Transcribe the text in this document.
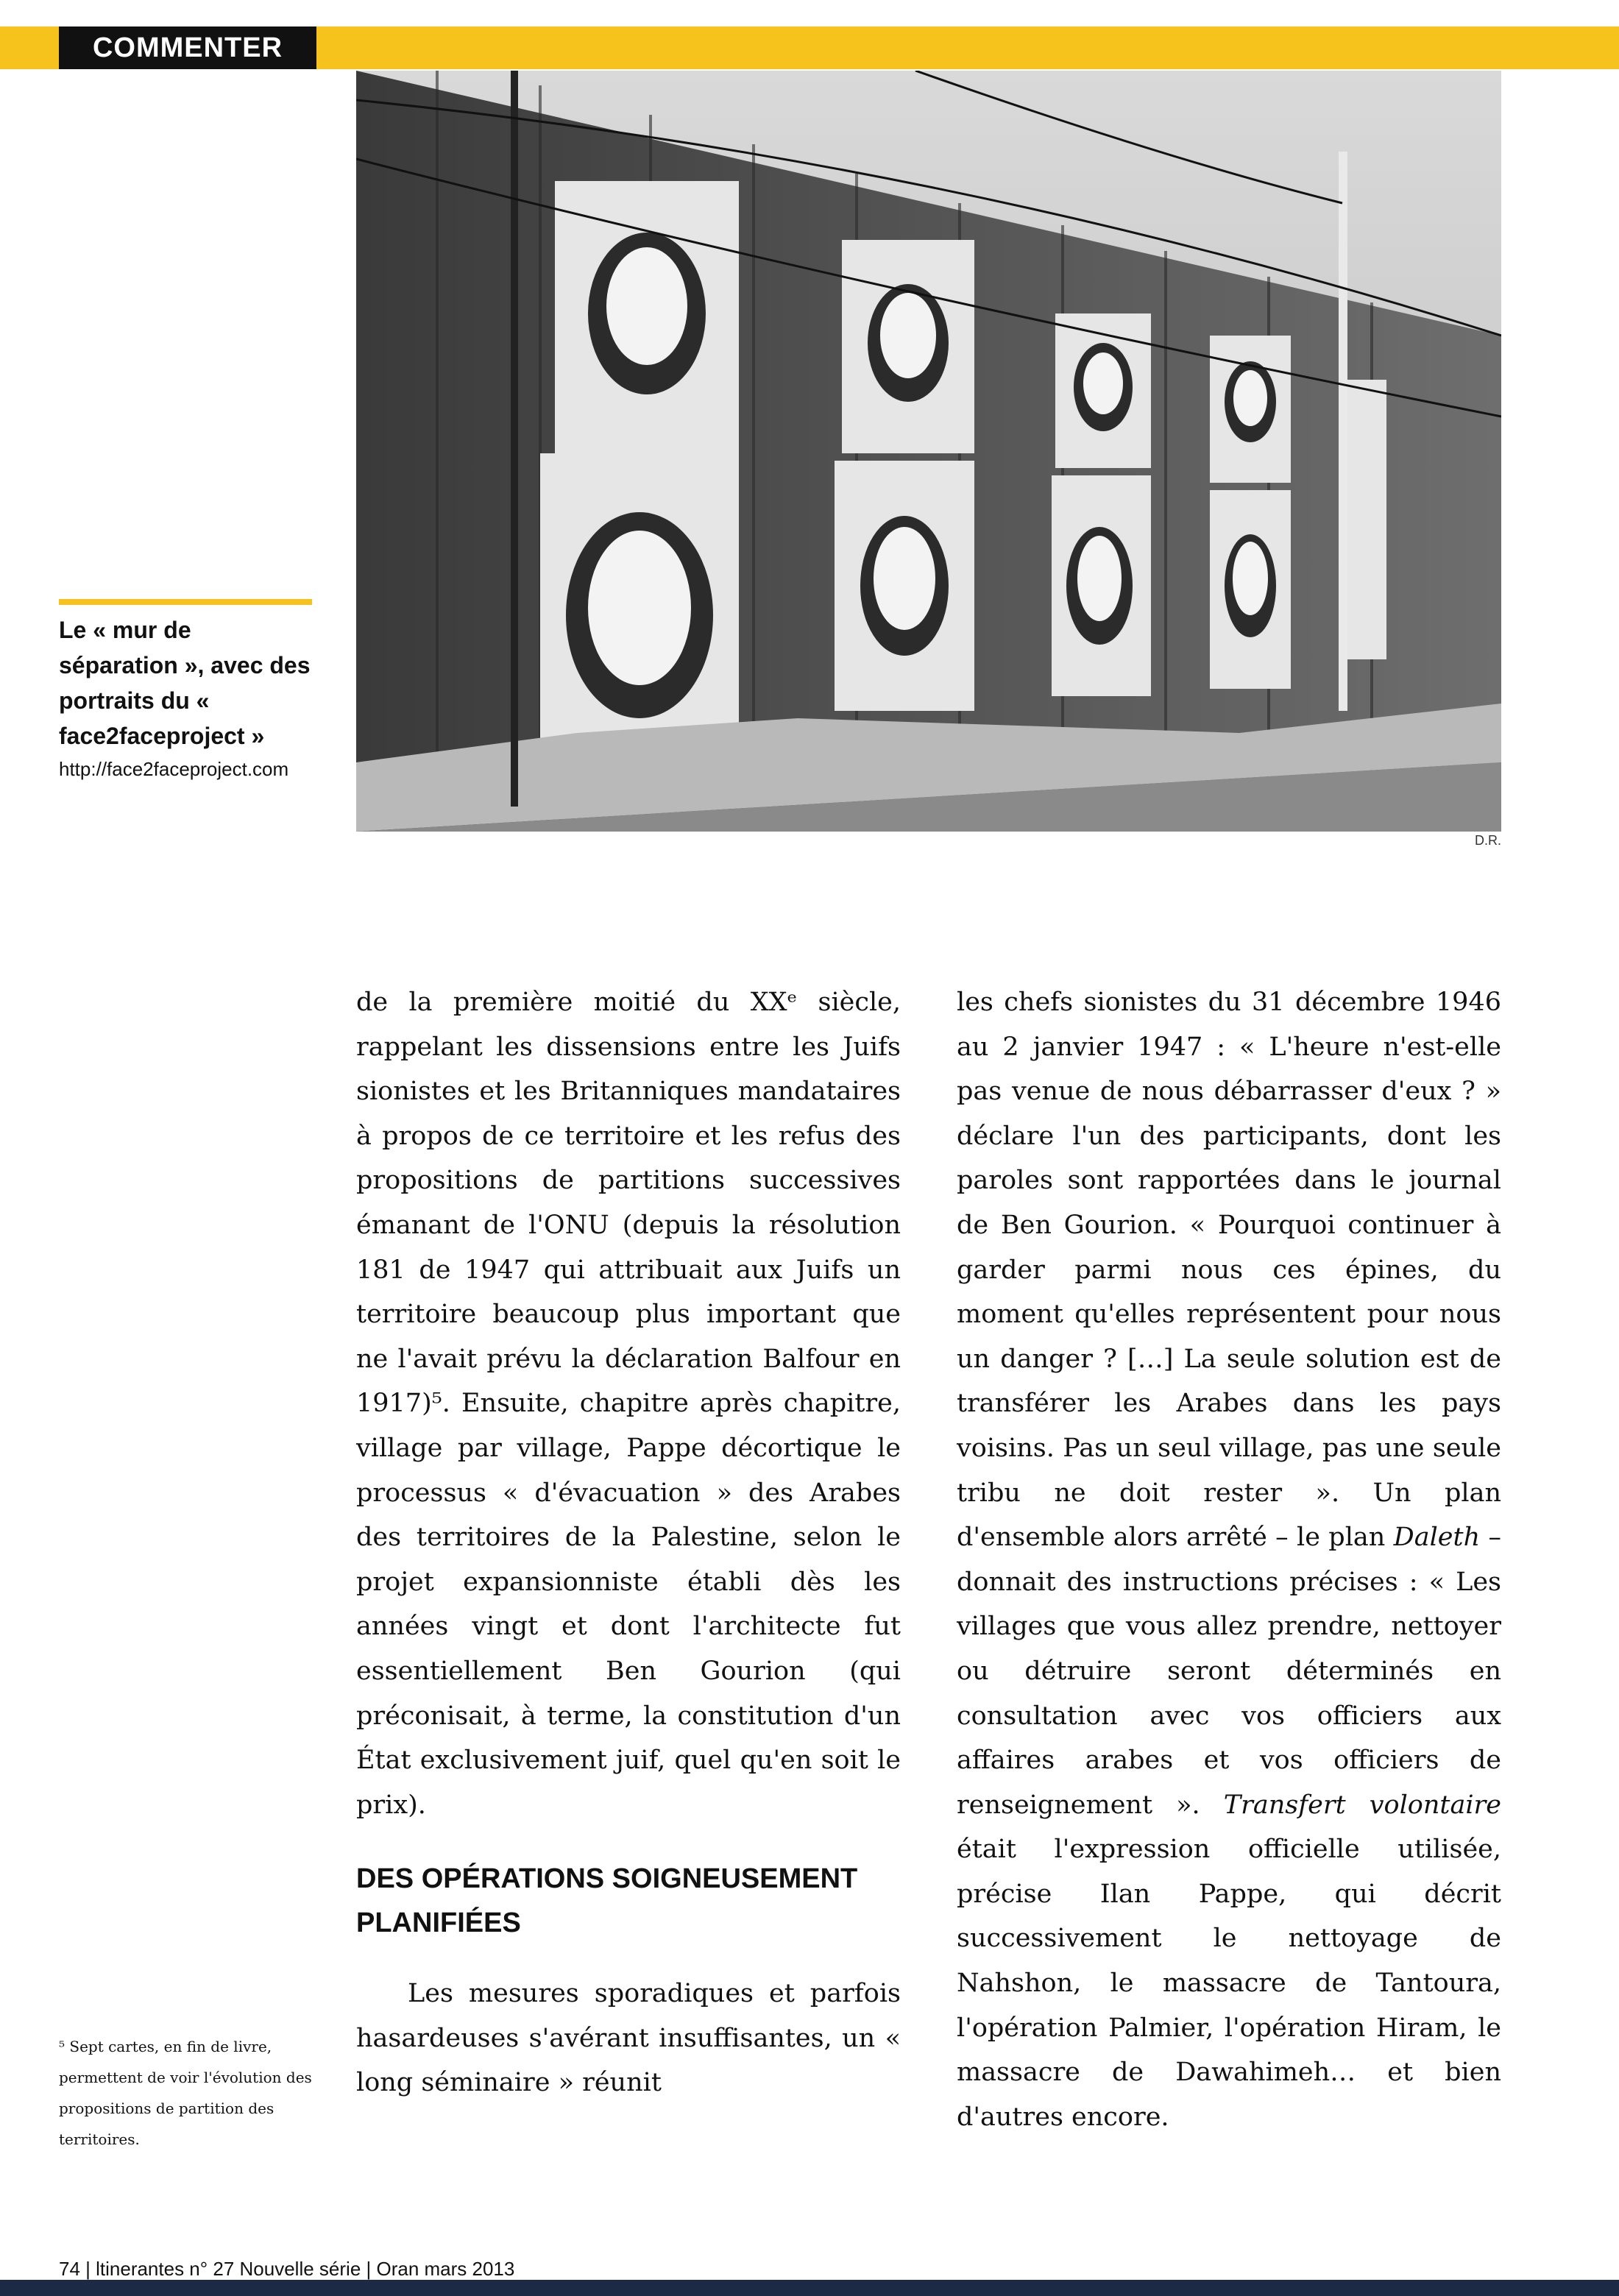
COMMENTER
D.R.
Le « mur de séparation », avec des portraits du « face2faceproject »
http://face2faceproject.com

de la première moitié du XXᵉ siècle, rappelant les dissensions entre les Juifs sionistes et les Britanniques mandataires à propos de ce territoire et les refus des propositions de partitions successives émanant de l'ONU (depuis la résolution 181 de 1947 qui attribuait aux Juifs un territoire beaucoup plus important que ne l'avait prévu la déclaration Balfour en 1917)⁵. Ensuite, chapitre après chapitre, village par village, Pappe décortique le processus « d'évacuation » des Arabes des territoires de la Palestine, selon le projet expansionniste établi dès les années vingt et dont l'architecte fut essentiellement Ben Gourion (qui préconisait, à terme, la constitution d'un État exclusivement juif, quel qu'en soit le prix).

DES OPÉRATIONS SOIGNEUSEMENT PLANIFIÉES

Les mesures sporadiques et parfois hasardeuses s'avérant insuffisantes, un « long séminaire » réunit

les chefs sionistes du 31 décembre 1946 au 2 janvier 1947 : « L'heure n'est-elle pas venue de nous débarrasser d'eux ? » déclare l'un des participants, dont les paroles sont rapportées dans le journal de Ben Gourion. « Pourquoi continuer à garder parmi nous ces épines, du moment qu'elles représentent pour nous un danger ? […] La seule solution est de transférer les Arabes dans les pays voisins. Pas un seul village, pas une seule tribu ne doit rester ». Un plan d'ensemble alors arrêté – le plan Daleth – donnait des instructions précises : « Les villages que vous allez prendre, nettoyer ou détruire seront déterminés en consultation avec vos officiers aux affaires arabes et vos officiers de renseignement ». Transfert volontaire était l'expression officielle utilisée, précise Ilan Pappe, qui décrit successivement le nettoyage de Nahshon, le massacre de Tantoura, l'opération Palmier, l'opération Hiram, le massacre de Dawahimeh… et bien d'autres encore.

⁵ Sept cartes, en fin de livre, permettent de voir l'évolution des propositions de partition des territoires.
74 | ltinerantes n° 27 Nouvelle série | Oran mars 2013
